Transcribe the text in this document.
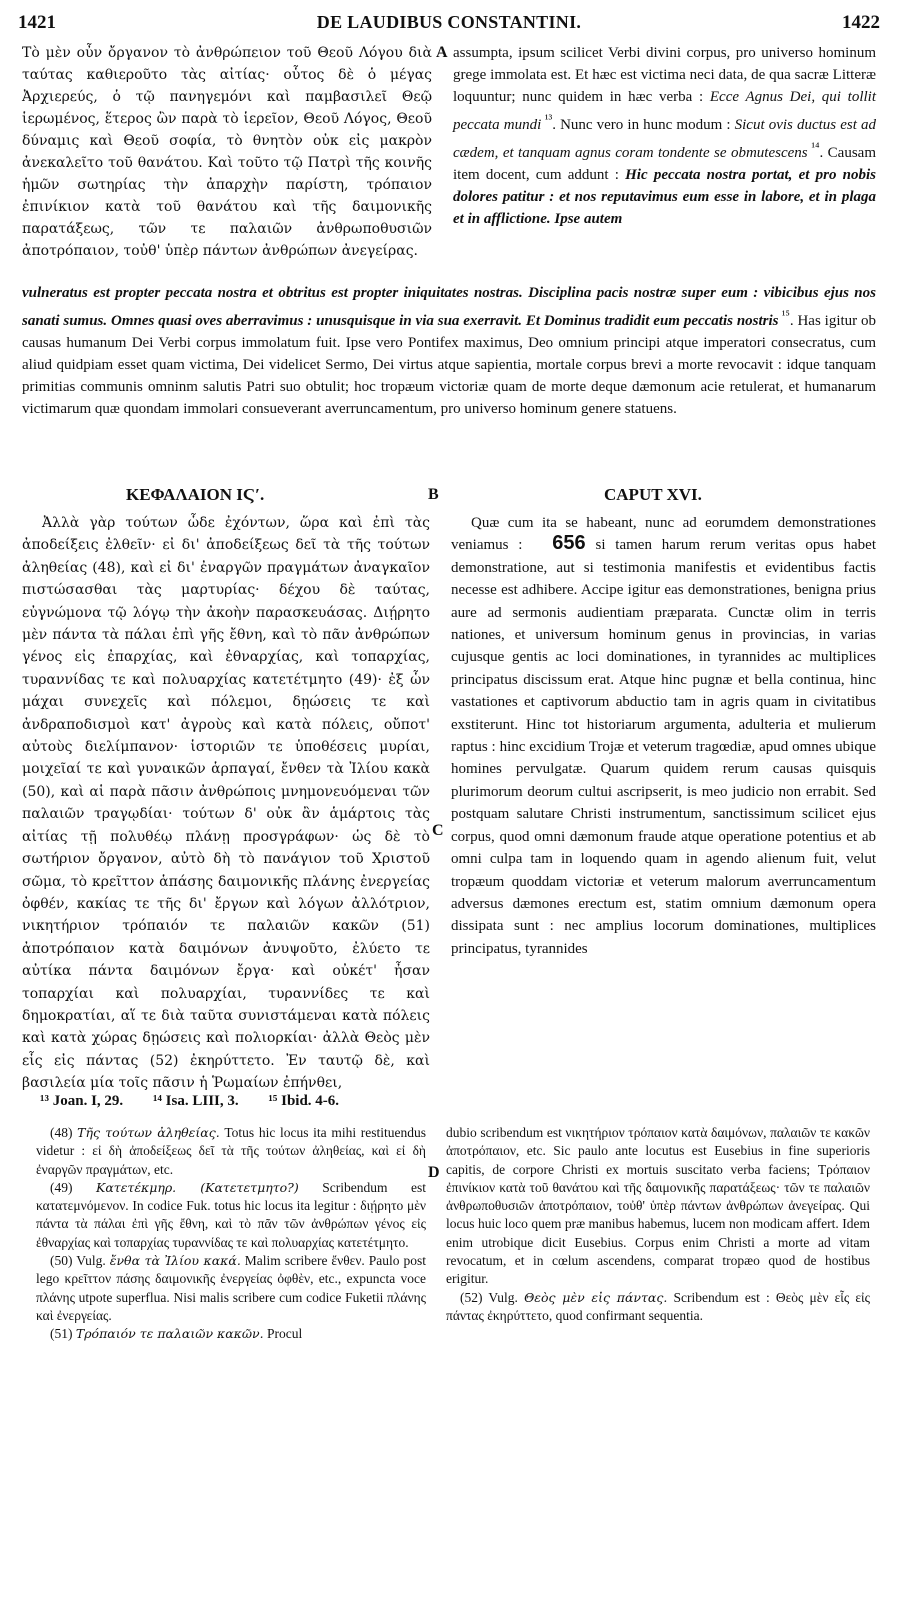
1421	DE LAUDIBUS CONSTANTINI.	1422

Τὸ μὲν οὖν ὄργανον τὸ ἀνθρώπειον τοῦ Θεοῦ Λόγου διὰ ταύτας καθιεροῦτο τὰς αἰτίας· οὗτος δὲ ὁ μέγας Ἀρχιερεύς, ὁ τῷ πανηγεμόνι καὶ παμβασιλεῖ Θεῷ ἱερωμένος, ἕτερος ὢν παρὰ τὸ ἱερεῖον, Θεοῦ Λόγος, Θεοῦ δύναμις καὶ Θεοῦ σοφία, τὸ θνητὸν οὐκ εἰς μακρὸν ἀνεκαλεῖτο τοῦ θανάτου. Καὶ τοῦτο τῷ Πατρὶ τῆς κοινῆς ἡμῶν σωτηρίας τὴν ἀπαρχὴν παρίστη, τρόπαιον ἐπινίκιον κατὰ τοῦ θανάτου καὶ τῆς δαιμονικῆς παρατάξεως, τῶν τε παλαιῶν ἀνθρωποθυσιῶν ἀποτρόπαιον, τοὐθ' ὑπὲρ πάντων ἀνθρώπων ἀνεγείρας.

A assumpta, ipsum scilicet Verbi divini corpus, pro universo hominum grege immolata est. Et hæc est victima neci data, de qua sacræ Litteræ loquuntur; nunc quidem in hæc verba : Ecce Agnus Dei, qui tollit peccata mundi $^{^{13}}$. Nunc vero in hunc modum : Sicut ovis ductus est ad cædem, et tanquam agnus coram tondente se obmutescens $^{^{14}}$. Causam item docent, cum addunt : Hic peccata nostra portat, et pro nobis dolores patitur : et nos reputavimus eum esse in labore, et in plaga et in afflictione. Ipse autem

vulneratus est propter peccata nostra et obtritus est propter iniquitates nostras. Disciplina pacis nostræ super eum : vibicibus ejus nos sanati sumus. Omnes quasi oves aberravimus : unusquisque in via sua exerravit. Et Dominus tradidit eum peccatis nostris $^{^{15}}$. Has igitur ob causas humanum Dei Verbi corpus immolatum fuit. Ipse vero Pontifex maximus, Deo omnium principi atque imperatori consecratus, cum aliud quidpiam esset quam victima, Dei videlicet Sermo, Dei virtus atque sapientia, mortale corpus brevi a morte revocavit : idque tanquam primitias communis omninm salutis Patri suo obtulit; hoc tropæum victoriæ quam de morte deque dæmonum acie retulerat, et humanarum victimarum quæ quondam immolari consueverant averruncamentum, pro universo hominum genere statuens.
ΚΕΦΑΛΑΙΟΝ ΙϚʹ.	B	CAPUT XVI.

Ἀλλὰ γὰρ τούτων ὧδε ἐχόντων, ὥρα καὶ ἐπὶ τὰς ἀποδείξεις ἐλθεῖν· εἰ δι' ἀποδείξεως δεῖ τὰ τῆς τούτων ἀληθείας (48), καὶ εἰ δι' ἐναργῶν πραγμάτων ἀναγκαῖον πιστώσασθαι τὰς μαρτυρίας· δέχου δὲ ταύτας, εὐγνώμονα τῷ λόγῳ τὴν ἀκοὴν παρασκευάσας. Διῄρητο μὲν πάντα τὰ πάλαι ἐπὶ γῆς ἔθνη, καὶ τὸ πᾶν ἀνθρώπων γένος εἰς ἐπαρχίας, καὶ ἐθναρχίας, καὶ τοπαρχίας, τυραννίδας τε καὶ πολυαρχίας κατετέτμητο (49)· ἐξ ὧν μάχαι συνεχεῖς καὶ πόλεμοι, δῃώσεις τε καὶ ἀνδραποδισμοὶ κατ' ἀγροὺς καὶ κατὰ πόλεις, οὔποτ' αὐτοὺς διελίμπανον· ἱστοριῶν τε ὑποθέσεις μυρίαι, μοιχεῖαί τε καὶ γυναικῶν ἁρπαγαί, ἔνθεν τὰ Ἰλίου κακὰ (50), καὶ αἱ παρὰ πᾶσιν ἀνθρώποις μνημονευόμεναι τῶν παλαιῶν τραγῳδίαι· τούτων δ' οὐκ ἂν ἁμάρτοις τὰς αἰτίας τῇ πολυθέῳ πλάνῃ προσγράφων· ὡς δὲ τὸ σωτήριον ὄργανον, αὐτὸ δὴ τὸ πανάγιον τοῦ Χριστοῦ σῶμα, τὸ κρεῖττον ἁπάσης δαιμονικῆς πλάνης ἐνεργείας ὀφθέν, κακίας τε τῆς δι' ἔργων καὶ λόγων ἀλλότριον, νικητήριον τρόπαιόν τε παλαιῶν κακῶν (51) ἀποτρόπαιον κατὰ δαιμόνων ἀνυψοῦτο, ἐλύετο τε αὐτίκα πάντα δαιμόνων ἔργα· καὶ οὐκέτ' ἦσαν τοπαρχίαι καὶ πολυαρχίαι, τυραννίδες τε καὶ δημοκρατίαι, αἵ τε διὰ ταῦτα συνιστάμεναι κατὰ πόλεις καὶ κατὰ χώρας δῃώσεις καὶ πολιορκίαι· ἀλλὰ Θεὸς μὲν εἷς εἰς πάντας (52) ἐκηρύττετο. Ἐν ταυτῷ δὲ, καὶ βασιλεία μία τοῖς πᾶσιν ἡ Ῥωμαίων ἐπήνθει,

C

Quæ cum ita se habeant, nunc ad eorumdem demonstrationes veniamus : 656 si tamen harum rerum veritas opus habet demonstratione, aut si testimonia manifestis et evidentibus factis necesse est adhibere. Accipe igitur eas demonstrationes, benigna prius aure ad sermonis audientiam præparata. Cunctæ olim in terris nationes, et universum hominum genus in provincias, in varias cujusque gentis ac loci dominationes, in tyrannides ac multiplices principatus discissum erat. Atque hinc pugnæ et bella continua, hinc vastationes et captivorum abductio tam in agris quam in civitatibus exstiterunt. Hinc tot historiarum argumenta, adulteria et mulierum raptus : hinc excidium Trojæ et veterum tragœdiæ, apud omnes ubique homines pervulgatæ. Quarum quidem rerum causas quisquis plurimorum deorum cultui ascripserit, is meo judicio non errabit. Sed postquam salutare Christi instrumentum, sanctissimum scilicet ejus corpus, quod omni dæmonum fraude atque operatione potentius et ab omni culpa tam in loquendo quam in agendo alienum fuit, velut tropæum quoddam victoriæ et veterum malorum averruncamentum adversus dæmones erectum est, statim omnium dæmonum opera dissipata sunt : nec amplius locorum dominationes, multiplices principatus, tyrannides

¹³ Joan. I, 29. ¹⁴ Isa. LIII, 3. ¹⁵ Ibid. 4-6.

(48) Τῆς τούτων ἀληθείας. Totus hic locus ita mihi restituendus videtur : εἰ δὴ ἀποδείξεως δεῖ τὰ τῆς τούτων ἀληθείας, καὶ εἰ δὴ ἐναργῶν πραγμάτων, etc.

(49) Κατετέκμηρ. (Κατετετμητο?) Scribendum est κατατεμνόμενον. In codice Fuk. totus hic locus ita legitur : διῄρητο μὲν πάντα τὰ πάλαι ἐπὶ γῆς ἔθνη, καὶ τὸ πᾶν τῶν ἀνθρώπων γένος εἰς ἐθναρχίας καὶ τοπαρχίας τυραννίδας τε καὶ πολυαρχίας κατετέτμητο.

(50) Vulg. ἔνθα τὰ Ἰλίου κακά. Malim scribere ἔνθεν. Paulo post lego κρεῖττον πάσης δαιμονικῆς ἐνεργείας ὀφθὲν, etc., expuncta voce πλάνης utpote superflua. Nisi malis scribere cum codice Fuketii πλάνης καὶ ἐνεργείας.

(51) Τρόπαιόν τε παλαιῶν κακῶν. Procul

D

dubio scribendum est νικητήριον τρόπαιον κατὰ δαιμόνων, παλαιῶν τε κακῶν ἀποτρόπαιον, etc. Sic paulo ante locutus est Eusebius in fine superioris capitis, de corpore Christi ex mortuis suscitato verba faciens; Τρόπαιον ἐπινίκιον κατὰ τοῦ θανάτου καὶ τῆς δαιμονικῆς παρατάξεως· τῶν τε παλαιῶν ἀνθρωποθυσιῶν ἀποτρόπαιον, τοὐθ' ὑπὲρ πάντων ἀνθρώπων ἀνεγείρας. Qui locus huic loco quem præ manibus habemus, lucem non modicam affert. Idem enim utrobique dicit Eusebius. Corpus enim Christi a morte ad vitam revocatum, et in cœlum ascendens, comparat tropæo quod de hostibus erigitur.

(52) Vulg. Θεὸς μὲν εἰς πάντας. Scribendum est : Θεὸς μὲν εἷς εἰς πάντας ἐκηρύττετο, quod confirmant sequentia.
